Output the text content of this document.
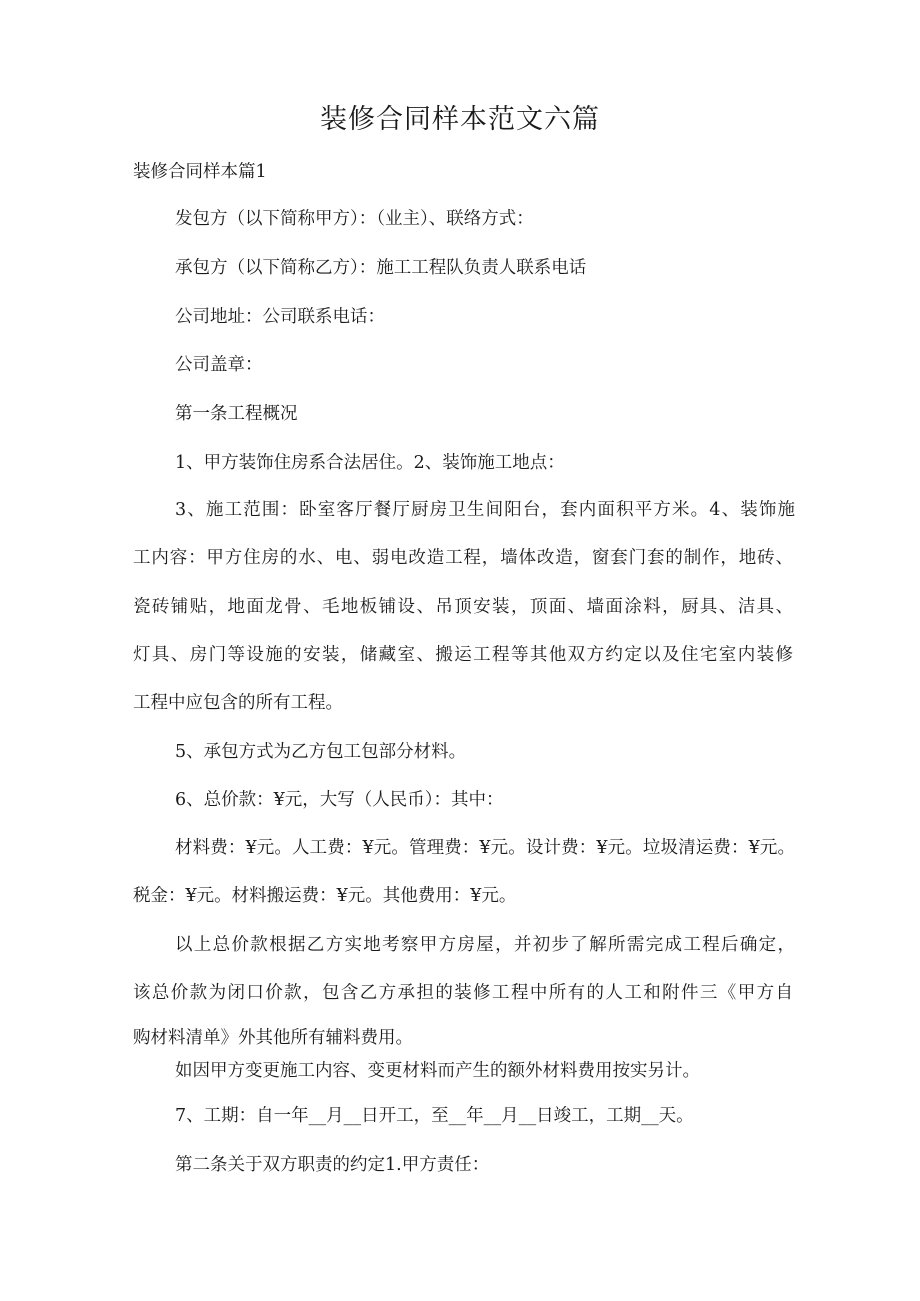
装修合同样本范文六篇
装修合同样本篇1
发包方（以下简称甲方）：（业主）、联络方式：
承包方（以下简称乙方）：施工工程队负责人联系电话
公司地址：公司联系电话：
公司盖章：
第一条工程概况
1、甲方装饰住房系合法居住。2、装饰施工地点：
3、施工范围：卧室客厅餐厅厨房卫生间阳台，套内面积平方米。4、装饰施
工内容：甲方住房的水、电、弱电改造工程，墙体改造，窗套门套的制作，地砖、
瓷砖铺贴，地面龙骨、毛地板铺设、吊顶安装，顶面、墙面涂料，厨具、洁具、
灯具、房门等设施的安装，储藏室、搬运工程等其他双方约定以及住宅室内装修
工程中应包含的所有工程。
5、承包方式为乙方包工包部分材料。
6、总价款：¥元，大写（人民币）：其中：
材料费：¥元。人工费：¥元。管理费：¥元。设计费：¥元。垃圾清运费：¥元。
税金：¥元。材料搬运费：¥元。其他费用：¥元。
以上总价款根据乙方实地考察甲方房屋，并初步了解所需完成工程后确定，
该总价款为闭口价款，包含乙方承担的装修工程中所有的人工和附件三《甲方自
购材料清单》外其他所有辅料费用。
如因甲方变更施工内容、变更材料而产生的额外材料费用按实另计。
7、工期：自一年__月__日开工，至__年__月__日竣工，工期__天。
第二条关于双方职责的约定1.甲方责任：
